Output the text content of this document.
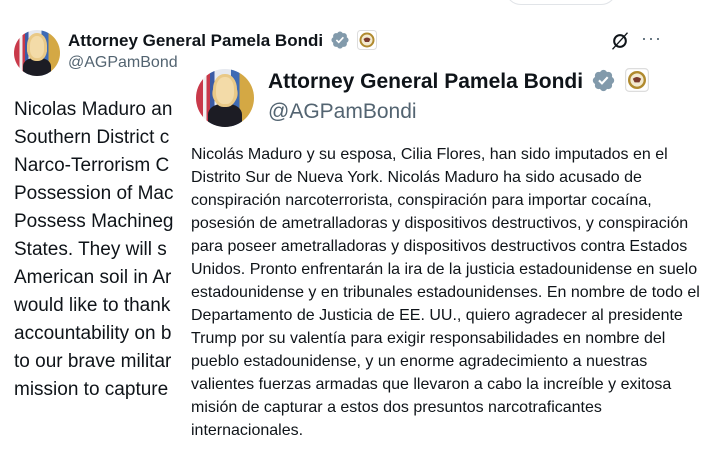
Attorney General Pamela Bondi
@AGPamBond
···
Nicolas Maduro an
Southern District c
Narco-Terrorism C
Possession of Mac
Possess Machineg
States. They will s
American soil in Ar
would like to thank
accountability on b
to our brave militar
mission to capture
Attorney General Pamela Bondi
@AGPamBondi
Nicolás Maduro y su esposa, Cilia Flores, han sido imputados en el
Distrito Sur de Nueva York. Nicolás Maduro ha sido acusado de
conspiración narcoterrorista, conspiración para importar cocaína,
posesión de ametralladoras y dispositivos destructivos, y conspiración
para poseer ametralladoras y dispositivos destructivos contra Estados
Unidos. Pronto enfrentarán la ira de la justicia estadounidense en suelo
estadounidense y en tribunales estadounidenses. En nombre de todo el
Departamento de Justicia de EE. UU., quiero agradecer al presidente
Trump por su valentía para exigir responsabilidades en nombre del
pueblo estadounidense, y un enorme agradecimiento a nuestras
valientes fuerzas armadas que llevaron a cabo la increíble y exitosa
misión de capturar a estos dos presuntos narcotraficantes
internacionales.
